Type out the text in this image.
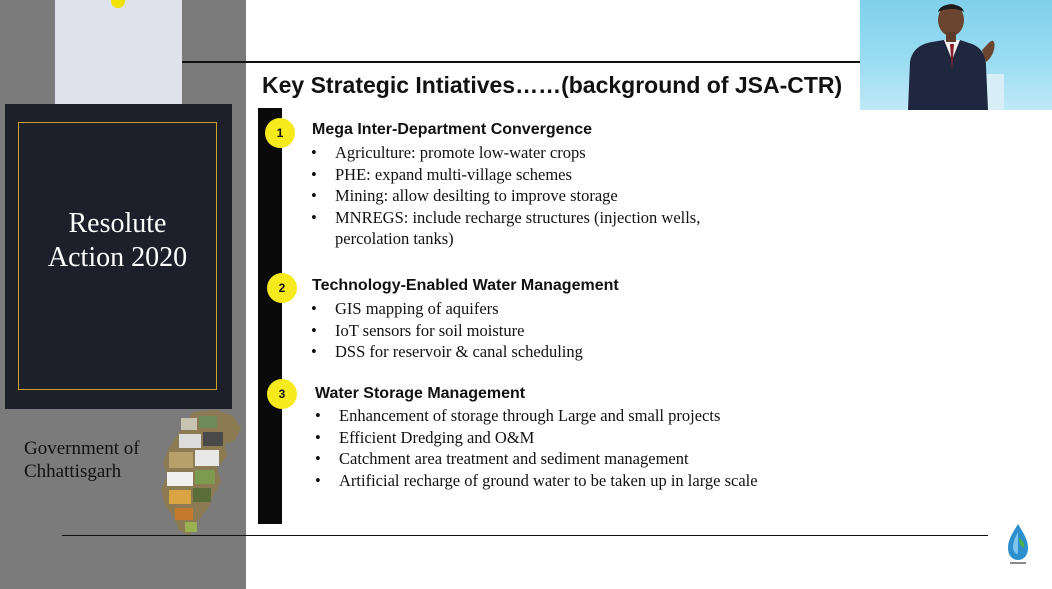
Resolute
Action 2020
Government of
Chhattisgarh
Key Strategic Intiatives……(background of JSA-CTR)
1	Mega Inter-Department Convergence
• Agriculture: promote low-water crops
• PHE: expand multi-village schemes
• Mining: allow desilting to improve storage
• MNREGS: include recharge structures (injection wells,
percolation tanks)
2	Technology-Enabled Water Management
• GIS mapping of aquifers
• IoT sensors for soil moisture
• DSS for reservoir & canal scheduling
3	Water Storage Management
• Enhancement of storage through Large and small projects
• Efficient Dredging and O&M
• Catchment area treatment and sediment management
• Artificial recharge of ground water to be taken up in large scale
